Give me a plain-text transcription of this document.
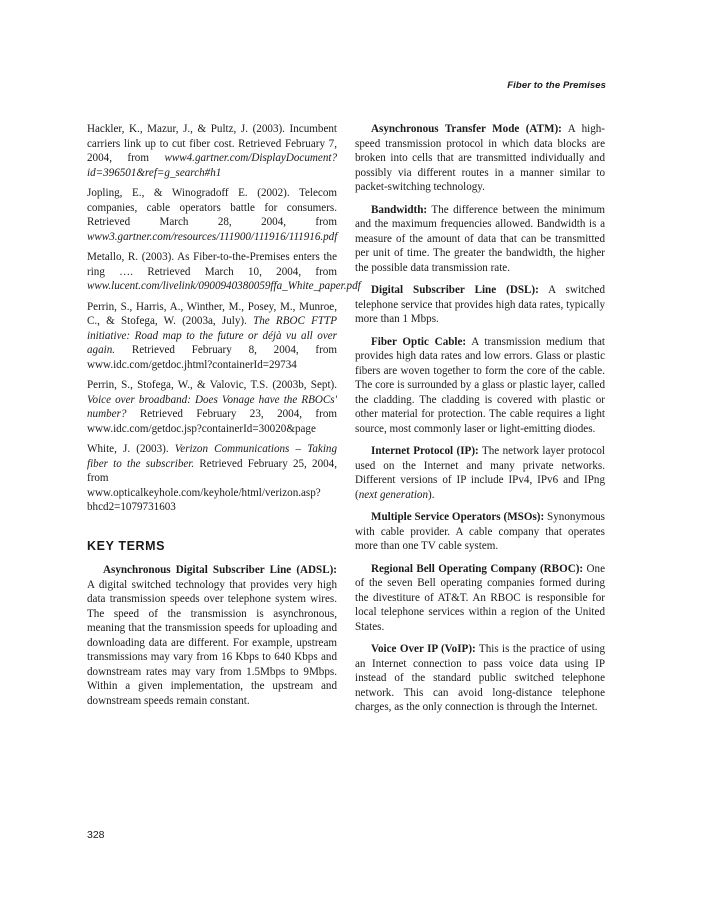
Fiber to the Premises

Hackler, K., Mazur, J., & Pultz, J. (2003). Incumbent carriers link up to cut fiber cost. Retrieved February 7, 2004, from www4.gartner.com/DisplayDocument?id=396501&ref=g_search#h1

Jopling, E., & Winogradoff E. (2002). Telecom companies, cable operators battle for consumers. Retrieved March 28, 2004, from www3.gartner.com/resources/111900/111916/111916.pdf

Metallo, R. (2003). As Fiber-to-the-Premises enters the ring …. Retrieved March 10, 2004, from www.lucent.com/livelink/0900940380059ffa_White_paper.pdf

Perrin, S., Harris, A., Winther, M., Posey, M., Munroe, C., & Stofega, W. (2003a, July). The RBOC FTTP initiative: Road map to the future or déjà vu all over again. Retrieved February 8, 2004, from www.idc.com/getdoc.jhtml?containerId=29734

Perrin, S., Stofega, W., & Valovic, T.S. (2003b, Sept). Voice over broadband: Does Vonage have the RBOCs' number? Retrieved February 23, 2004, from www.idc.com/getdoc.jsp?containerId=30020&page

White, J. (2003). Verizon Communications – Taking fiber to the subscriber. Retrieved February 25, 2004, from www.opticalkeyhole.com/keyhole/html/verizon.asp?bhcd2=1079731603

KEY TERMS

Asynchronous Digital Subscriber Line (ADSL): A digital switched technology that provides very high data transmission speeds over telephone system wires. The speed of the transmission is asynchronous, meaning that the transmission speeds for uploading and downloading data are different. For example, upstream transmissions may vary from 16 Kbps to 640 Kbps and downstream rates may vary from 1.5Mbps to 9Mbps. Within a given implementation, the upstream and downstream speeds remain constant.

Asynchronous Transfer Mode (ATM): A high-speed transmission protocol in which data blocks are broken into cells that are transmitted individually and possibly via different routes in a manner similar to packet-switching technology.

Bandwidth: The difference between the minimum and the maximum frequencies allowed. Bandwidth is a measure of the amount of data that can be transmitted per unit of time. The greater the bandwidth, the higher the possible data transmission rate.

Digital Subscriber Line (DSL): A switched telephone service that provides high data rates, typically more than 1 Mbps.

Fiber Optic Cable: A transmission medium that provides high data rates and low errors. Glass or plastic fibers are woven together to form the core of the cable. The core is surrounded by a glass or plastic layer, called the cladding. The cladding is covered with plastic or other material for protection. The cable requires a light source, most commonly laser or light-emitting diodes.

Internet Protocol (IP): The network layer protocol used on the Internet and many private networks. Different versions of IP include IPv4, IPv6 and IPng (next generation).

Multiple Service Operators (MSOs): Synonymous with cable provider. A cable company that operates more than one TV cable system.

Regional Bell Operating Company (RBOC): One of the seven Bell operating companies formed during the divestiture of AT&T. An RBOC is responsible for local telephone services within a region of the United States.

Voice Over IP (VoIP): This is the practice of using an Internet connection to pass voice data using IP instead of the standard public switched telephone network. This can avoid long-distance telephone charges, as the only connection is through the Internet.

328
